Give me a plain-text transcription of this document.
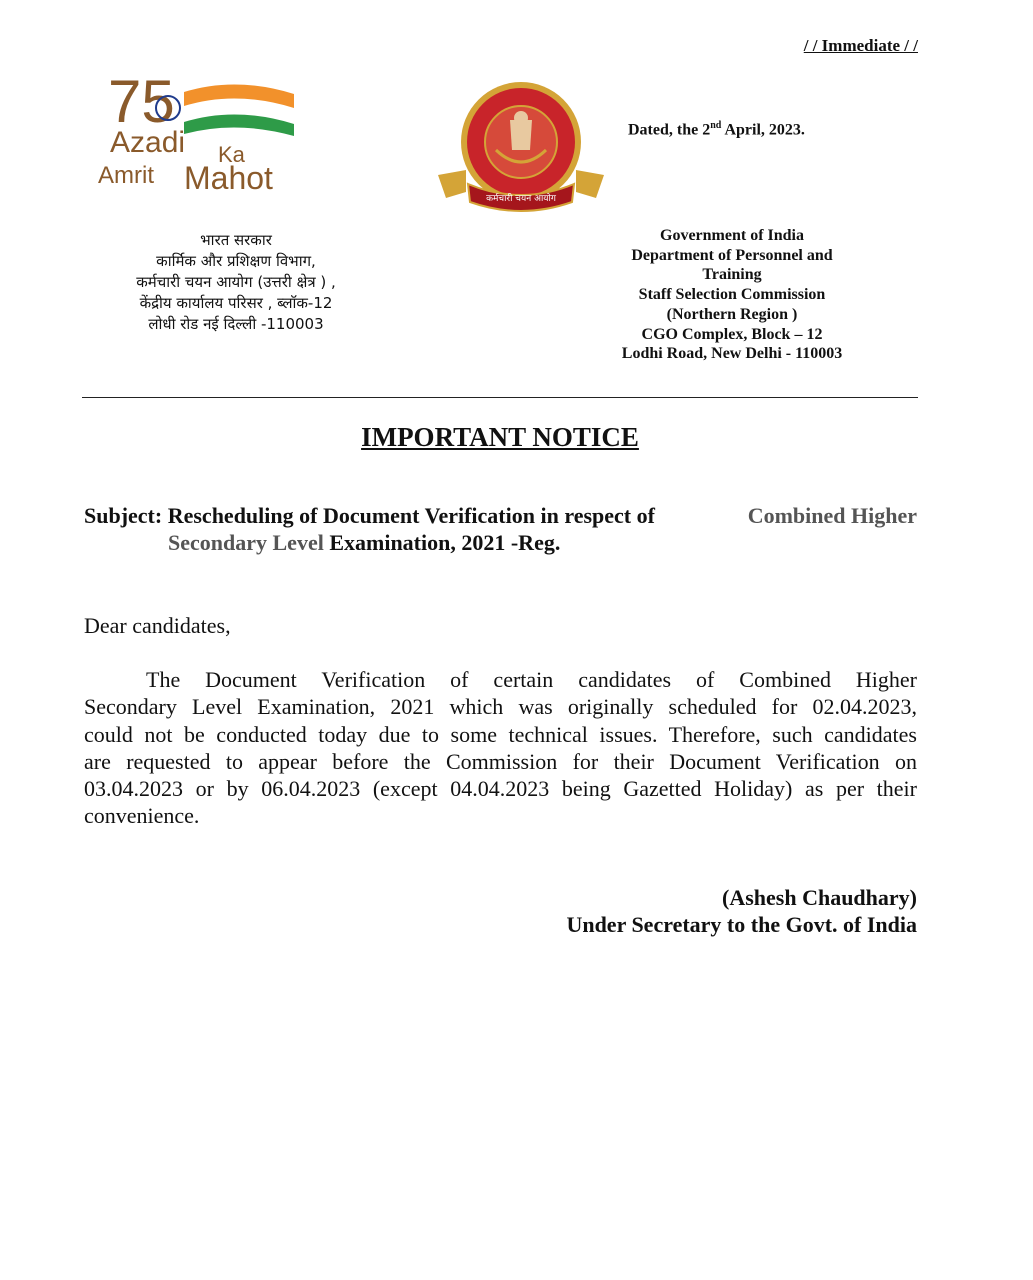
/ / Immediate / /
75
Azadi Ka
Amrit Mahot
कर्मचारी चयन आयोग
Dated, the 2nd April, 2023.
भारत सरकार
कार्मिक और प्रशिक्षण विभाग,
कर्मचारी चयन आयोग (उत्तरी क्षेत्र ) ,
केंद्रीय कार्यालय परिसर , ब्लॉक-12
लोधी रोड नई दिल्ली -110003
Government of India
Department of Personnel and
Training
Staff Selection Commission
(Northern Region )
CGO Complex, Block – 12
Lodhi Road, New Delhi - 110003
IMPORTANT NOTICE
Subject: Rescheduling of Document Verification in respect of	Combined Higher
Secondary Level Examination, 2021 -Reg.
Dear candidates,
The Document Verification of certain candidates of Combined Higher
Secondary Level Examination, 2021 which was originally scheduled for 02.04.2023,
could not be conducted today due to some technical issues. Therefore, such candidates
are requested to appear before the Commission for their Document Verification on
03.04.2023 or by 06.04.2023 (except 04.04.2023 being Gazetted Holiday) as per their
convenience.
(Ashesh Chaudhary)
Under Secretary to the Govt. of India
